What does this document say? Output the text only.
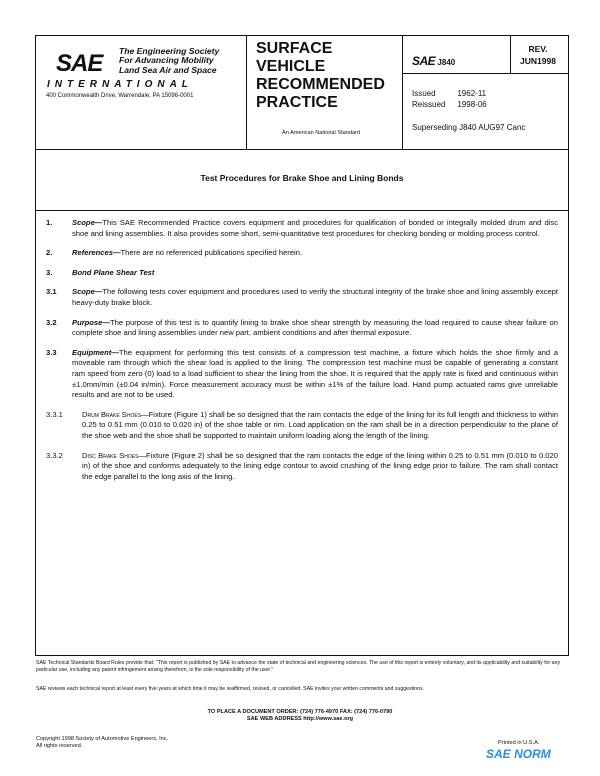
SAE The Engineering Society
For Advancing Mobility
Land Sea Air and Space
INTERNATIONAL
400 Commonwealth Drive, Warrendale, PA 15096-0001
SURFACE
VEHICLE
RECOMMENDED
PRACTICE
An American National Standard
SAE J840
REV.
JUN1998
Issued	1962-11
Reissued	1998-06
Superseding J840 AUG97 Canc
Test Procedures for Brake Shoe and Lining Bonds
1.	Scope—This SAE Recommended Practice covers equipment and procedures for qualification of bonded or integrally molded drum and disc shoe and lining assemblies. It also provides some short, semi-quantitative test procedures for checking bonding or molding process control.
2.	References—There are no referenced publications specified herein.
3.	Bond Plane Shear Test
3.1 Scope—The following tests cover equipment and procedures used to verify the structural integrity of the brake shoe and lining assembly except heavy-duty brake block.
3.2 Purpose—The purpose of this test is to quantify lining to brake shoe shear strength by measuring the load required to cause shear failure on complete shoe and lining assemblies under new part, ambient conditions and after thermal exposure.
3.3 Equipment—The equipment for performing this test consists of a compression test machine, a fixture which holds the shoe firmly and a moveable ram through which the shear load is applied to the lining. The compression test machine must be capable of generating a constant ram speed from zero (0) load to a load sufficient to shear the lining from the shoe. It is required that the apply rate is fixed and continuous within ±1.0mm/min (±0.04 in/min). Force measurement accuracy must be within ±1% of the failure load. Hand pump actuated rams give unreliable results and are not to be used.
3.3.1	Drum Brake Shoes—Fixture (Figure 1) shall be so designed that the ram contacts the edge of the lining for its full length and thickness to within 0.25 to 0.51 mm (0.010 to 0.020 in) of the shoe table or rim. Load application on the ram shall be in a direction perpendicular to the plane of the shoe web and the shoe shall be supported to maintain uniform loading along the length of the lining.
3.3.2	Disc Brake Shoes—Fixture (Figure 2) shall be so designed that the ram contacts the edge of the lining within 0.25 to 0.51 mm (0.010 to 0.020 in) of the shoe and conforms adequately to the lining edge contour to avoid crushing of the lining edge prior to failure. The ram shall contact the edge parallel to the long axis of the lining.
SAE Technical Standards Board Rules provide that: "This report is published by SAE to advance the state of technical and engineering sciences. The use of this report is entirely voluntary, and its applicability and suitability for any particular use, including any patent infringement arising therefrom, is the sole responsibility of the user."
SAE reviews each technical report at least every five years at which time it may be reaffirmed, revised, or cancelled. SAE invites your written comments and suggestions.
TO PLACE A DOCUMENT ORDER: (724) 776-4970 FAX: (724) 776-0790
SAE WEB ADDRESS http://www.sae.org
Copyright 1998 Society of Automotive Engineers, Inc.
All rights reserved.	Printed in U.S.A.
SAE NORM
